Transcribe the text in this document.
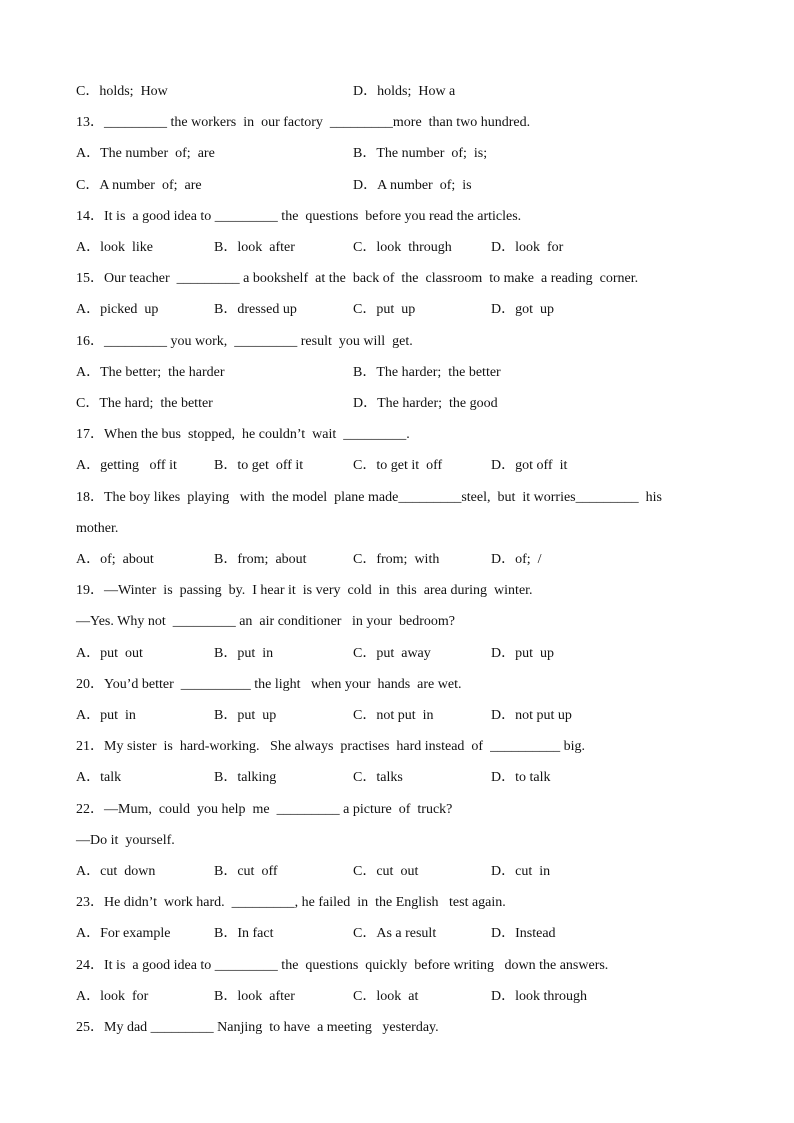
C．holds;  How	D．holds;  How a
13．_________ the workers  in  our factory  _________more  than two hundred.
A．The number  of;  are	B．The number  of;  is;
C．A number  of;  are	D．A number  of;  is
14．It is  a good idea to _________ the  questions  before you read the articles.
A．look  like	B．look  after	C．look  through	D．look  for
15．Our teacher  _________ a bookshelf  at the  back of  the  classroom  to make  a reading  corner.
A．picked  up	B．dressed up	C．put  up	D．got  up
16．_________ you work,  _________ result  you will  get.
A．The better;  the harder	B．The harder;  the better
C．The hard;  the better	D．The harder;  the good
17．When the bus  stopped,  he couldn’t  wait  _________.
A．getting   off it	B．to get  off it	C．to get it  off	D．got off  it
18．The boy likes  playing   with  the model  plane made_________steel,  but  it worries_________  his
mother.
A．of;  about	B．from;  about	C．from;  with	D．of;  /
19．—Winter  is  passing  by.  I hear it  is very  cold  in  this  area during  winter.
—Yes. Why not  _________ an  air conditioner   in your  bedroom?
A．put  out	B．put  in	C．put  away	D．put  up
20．You’d better  __________ the light   when your  hands  are wet.
A．put  in	B．put  up	C．not put  in	D．not put up
21．My sister  is  hard-working.   She always  practises  hard instead  of  __________ big.
A．talk	B．talking	C．talks	D．to talk
22．—Mum,  could  you help  me  _________ a picture  of  truck?
—Do it  yourself.
A．cut  down	B．cut  off	C．cut  out	D．cut  in
23．He didn’t  work hard.  _________, he failed  in  the English   test again.
A．For example	B．In fact	C．As a result	D．Instead
24．It is  a good idea to _________ the  questions  quickly  before writing   down the answers.
A．look  for	B．look  after	C．look  at	D．look through
25．My dad _________ Nanjing  to have  a meeting   yesterday.
